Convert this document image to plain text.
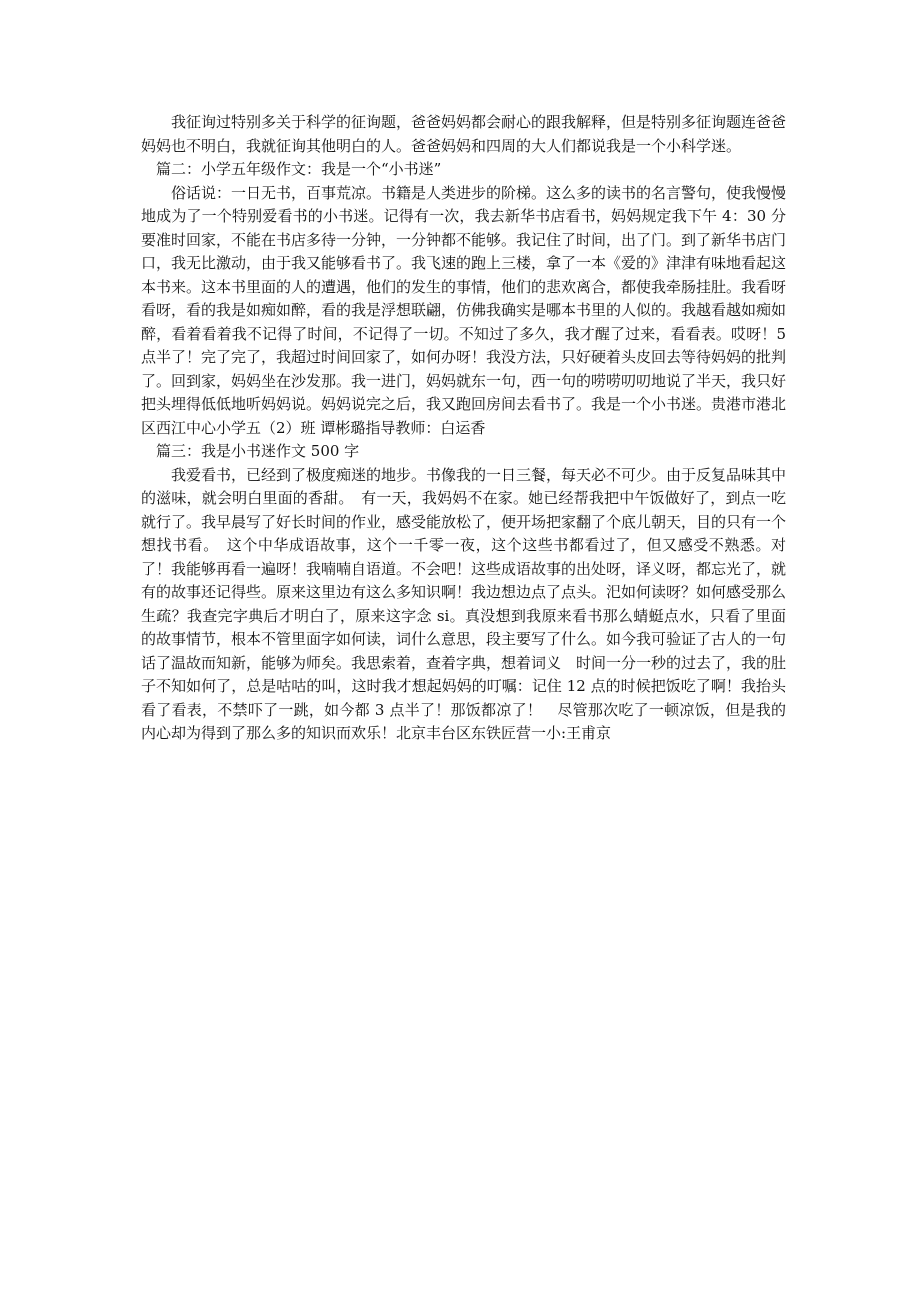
我征询过特别多关于科学的征询题，爸爸妈妈都会耐心的跟我解释，但是特别多征询题连爸爸妈妈也不明白，我就征询其他明白的人。爸爸妈妈和四周的大人们都说我是一个小科学迷。

篇二：小学五年级作文：我是一个“小书迷”

俗话说：一日无书，百事荒凉。书籍是人类进步的阶梯。这么多的读书的名言警句，使我慢慢地成为了一个特别爱看书的小书迷。记得有一次，我去新华书店看书，妈妈规定我下午 4：30 分要准时回家，不能在书店多待一分钟，一分钟都不能够。我记住了时间，出了门。到了新华书店门口，我无比激动，由于我又能够看书了。我飞速的跑上三楼，拿了一本《爱的》津津有味地看起这本书来。这本书里面的人的遭遇，他们的发生的事情，他们的悲欢离合，都使我牵肠挂肚。我看呀看呀，看的我是如痴如醉，看的我是浮想联翩，仿佛我确实是哪本书里的人似的。我越看越如痴如醉，看着看着我不记得了时间，不记得了一切。不知过了多久，我才醒了过来，看看表。哎呀！5 点半了！完了完了，我超过时间回家了，如何办呀！我没方法，只好硬着头皮回去等待妈妈的批判了。回到家，妈妈坐在沙发那。我一进门，妈妈就东一句，西一句的唠唠叨叨地说了半天，我只好把头埋得低低地听妈妈说。妈妈说完之后，我又跑回房间去看书了。我是一个小书迷。贵港市港北区西江中心小学五（2）班 谭彬璐指导教师：白运香

篇三：我是小书迷作文 500 字

我爱看书，已经到了极度痴迷的地步。书像我的一日三餐，每天必不可少。由于反复品味其中的滋味，就会明白里面的香甜。　有一天，我妈妈不在家。她已经帮我把中午饭做好了，到点一吃就行了。我早晨写了好长时间的作业，感受能放松了，便开场把家翻了个底儿朝天，目的只有一个想找书看。　这个中华成语故事，这个一千零一夜，这个这些书都看过了，但又感受不熟悉。对了！我能够再看一遍呀！我喃喃自语道。不会吧！这些成语故事的出处呀，译义呀，都忘光了，就有的故事还记得些。原来这里边有这么多知识啊！我边想边点了点头。汜如何读呀？如何感受那么生疏？我查完字典后才明白了，原来这字念 si。真没想到我原来看书那么蜻蜓点水，只看了里面的故事情节，根本不管里面字如何读，词什么意思，段主要写了什么。如今我可验证了古人的一句话了温故而知新，能够为师矣。我思索着，查着字典，想着词义　时间一分一秒的过去了，我的肚子不知如何了，总是咕咕的叫，这时我才想起妈妈的叮嘱：记住 12 点的时候把饭吃了啊！我抬头看了看表，不禁吓了一跳，如今都 3 点半了！那饭都凉了！　尽管那次吃了一顿凉饭，但是我的内心却为得到了那么多的知识而欢乐！北京丰台区东铁匠营一小:王甫京
